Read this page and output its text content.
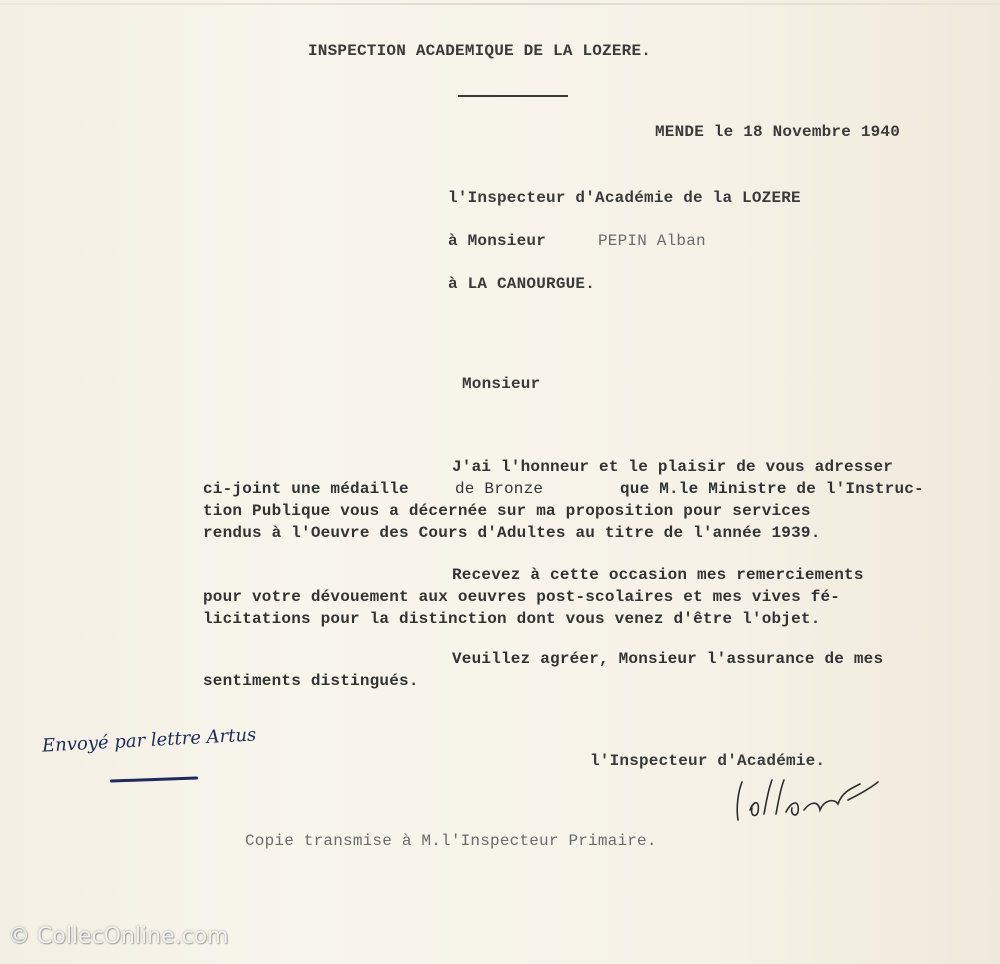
INSPECTION ACADEMIQUE DE LA LOZERE.
MENDE le 18 Novembre 1940
l'Inspecteur d'Académie de la LOZERE
à Monsieur	PEPIN Alban
à LA CANOURGUE.
Monsieur
J'ai l'honneur et le plaisir de vous adresser
ci-joint une médaille	de Bronze	que M.le Ministre de l'Instruc-
tion Publique vous a décernée sur ma proposition pour services
rendus à l'Oeuvre des Cours d'Adultes au titre de l'année 1939.
Recevez à cette occasion mes remerciements
pour votre dévouement aux oeuvres post-scolaires et mes vives fé-
licitations pour la distinction dont vous venez d'être l'objet.
Veuillez agréer, Monsieur l'assurance de mes
sentiments distingués.
Envoyé par lettre Artus
l'Inspecteur d'Académie.
Copie transmise à M.l'Inspecteur Primaire.
© CollecOnline.com
